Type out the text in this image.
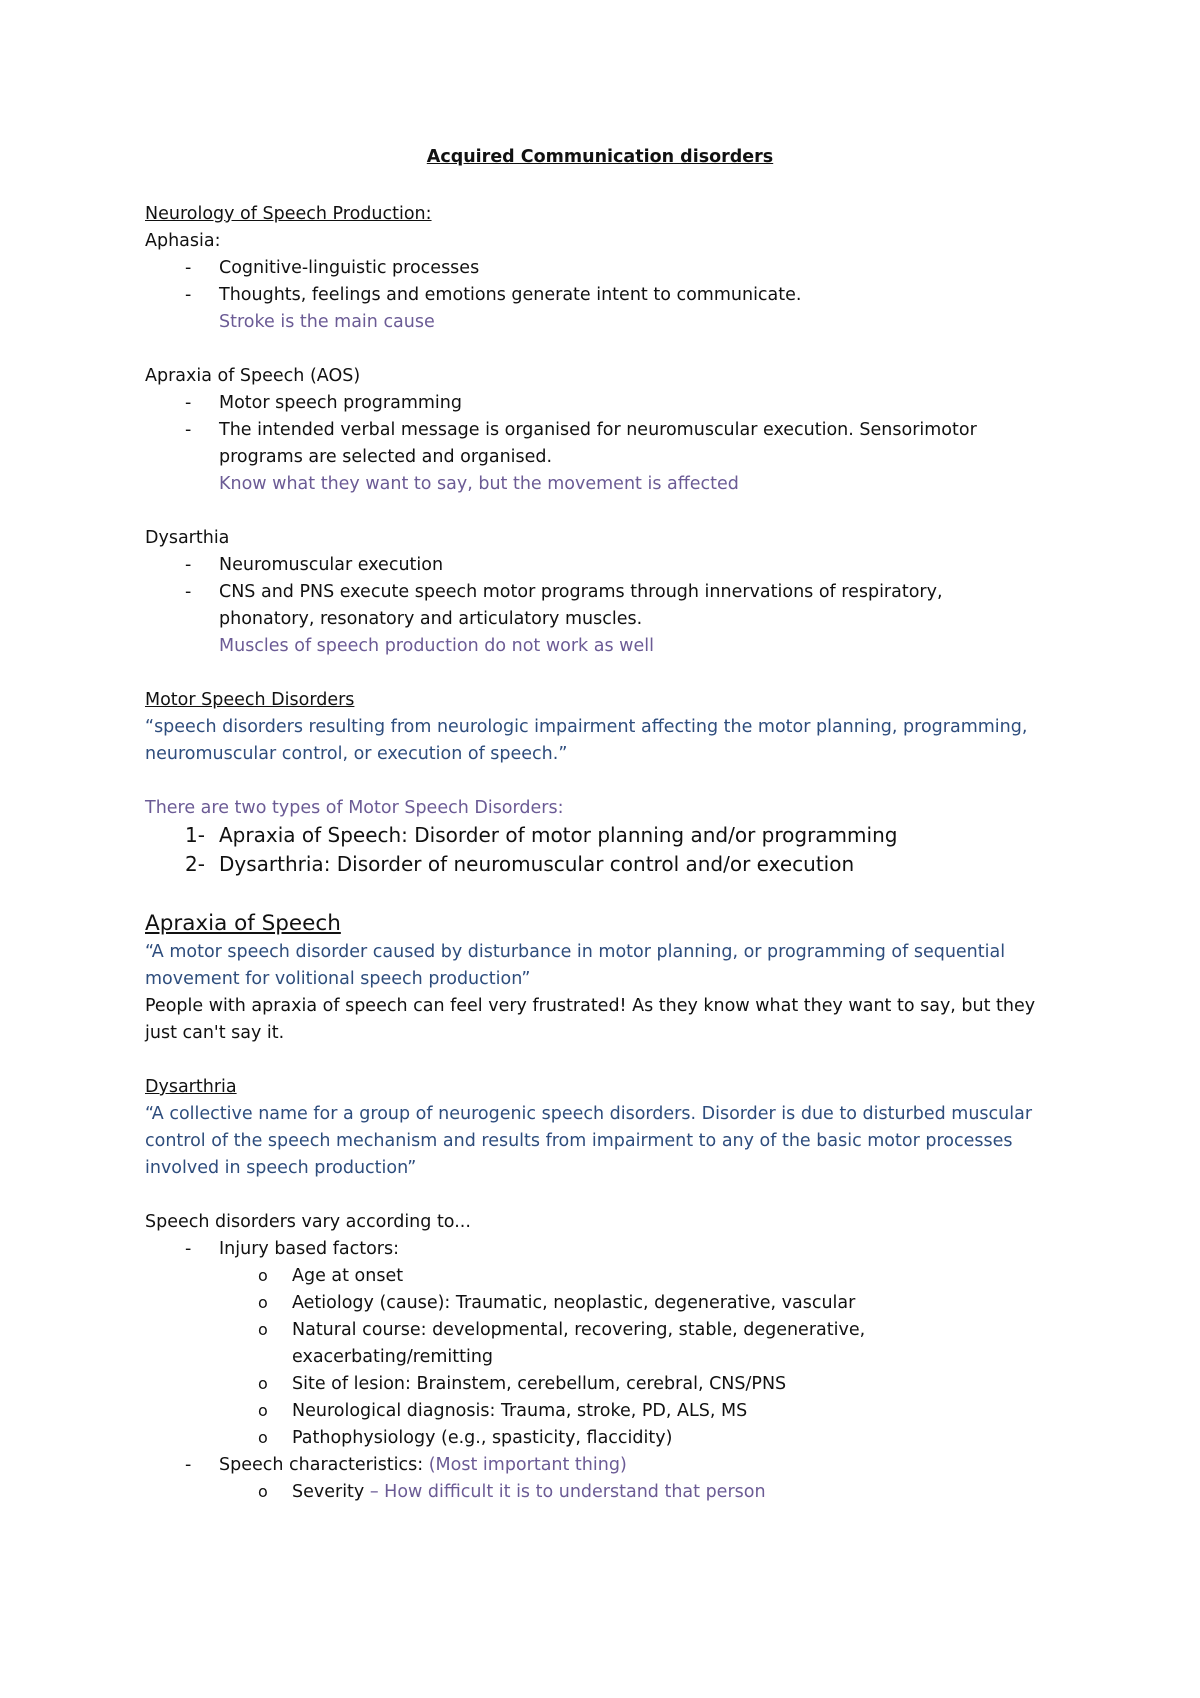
Acquired Communication disorders
Neurology of Speech Production:
Aphasia:
- Cognitive-linguistic processes
- Thoughts, feelings and emotions generate intent to communicate.
Stroke is the main cause
Apraxia of Speech (AOS)
- Motor speech programming
- The intended verbal message is organised for neuromuscular execution. Sensorimotor
programs are selected and organised.
Know what they want to say, but the movement is affected
Dysarthia
- Neuromuscular execution
- CNS and PNS execute speech motor programs through innervations of respiratory,
phonatory, resonatory and articulatory muscles.
Muscles of speech production do not work as well
Motor Speech Disorders
“speech disorders resulting from neurologic impairment affecting the motor planning, programming,
neuromuscular control, or execution of speech.”
There are two types of Motor Speech Disorders:
1- Apraxia of Speech: Disorder of motor planning and/or programming
2- Dysarthria: Disorder of neuromuscular control and/or execution
Apraxia of Speech
“A motor speech disorder caused by disturbance in motor planning, or programming of sequential
movement for volitional speech production”
People with apraxia of speech can feel very frustrated! As they know what they want to say, but they
just can't say it.
Dysarthria
“A collective name for a group of neurogenic speech disorders. Disorder is due to disturbed muscular
control of the speech mechanism and results from impairment to any of the basic motor processes
involved in speech production”
Speech disorders vary according to...
- Injury based factors:
o Age at onset
o Aetiology (cause): Traumatic, neoplastic, degenerative, vascular
o Natural course: developmental, recovering, stable, degenerative,
exacerbating/remitting
o Site of lesion: Brainstem, cerebellum, cerebral, CNS/PNS
o Neurological diagnosis: Trauma, stroke, PD, ALS, MS
o Pathophysiology (e.g., spasticity, flaccidity)
- Speech characteristics: (Most important thing)
o Severity – How difficult it is to understand that person
